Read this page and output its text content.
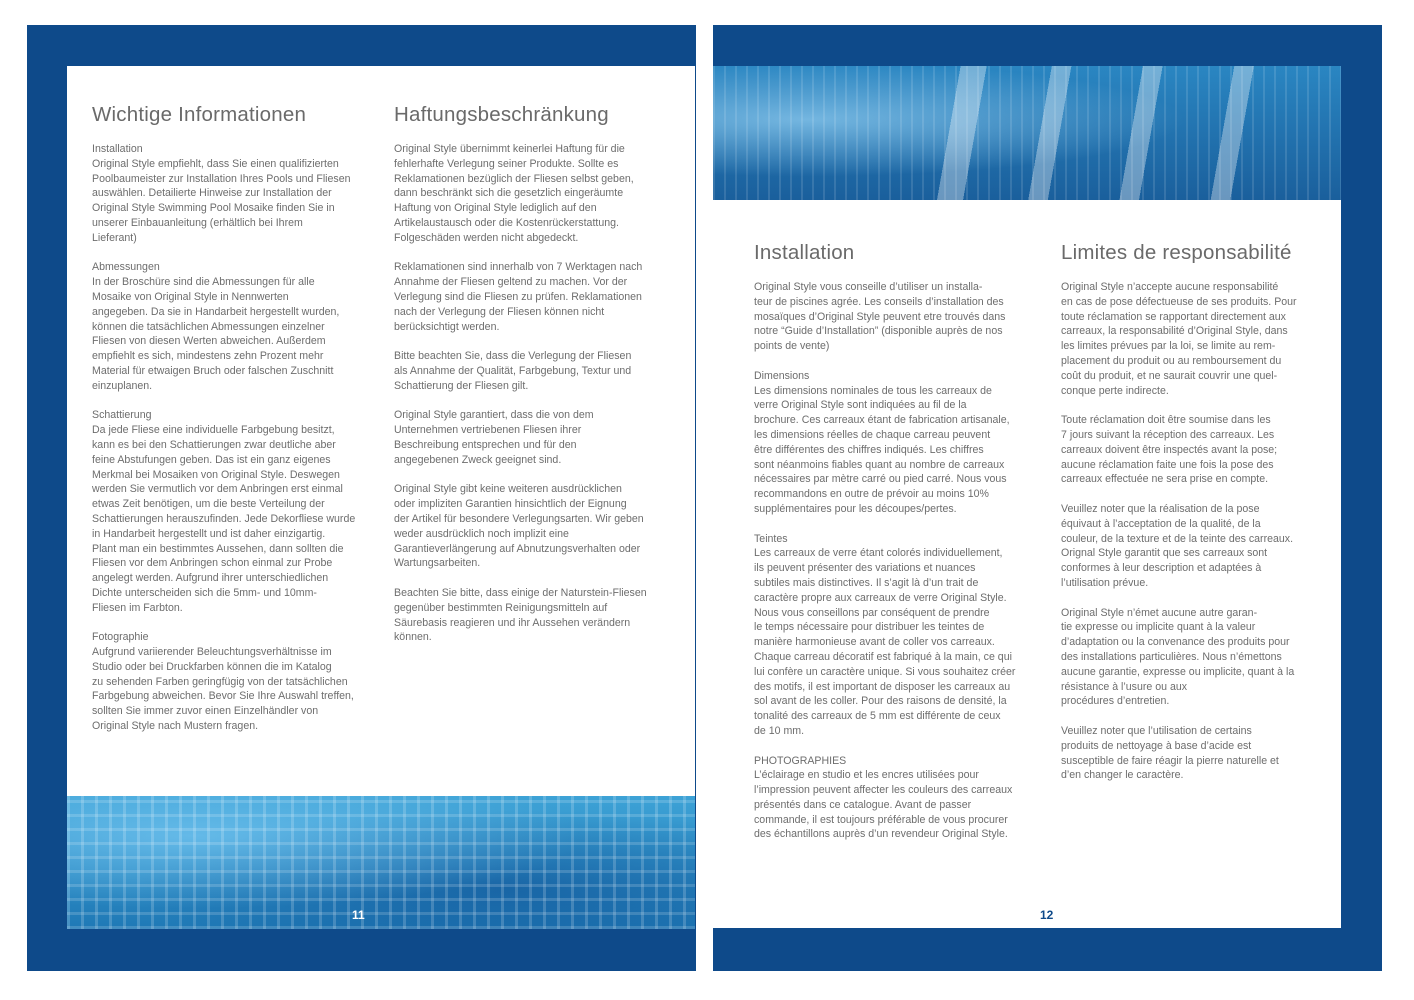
Wichtige Informationen

Installation
Original Style empfiehlt, dass Sie einen qualifizierten
Poolbaumeister zur Installation Ihres Pools und Fliesen
auswählen. Detailierte Hinweise zur Installation der
Original Style Swimming Pool Mosaike finden Sie in
unserer Einbauanleitung (erhältlich bei Ihrem
Lieferant)

Abmessungen
In der Broschüre sind die Abmessungen für alle
Mosaike von Original Style in Nennwerten
angegeben. Da sie in Handarbeit hergestellt wurden,
können die tatsächlichen Abmessungen einzelner
Fliesen von diesen Werten abweichen. Außerdem
empfiehlt es sich, mindestens zehn Prozent mehr
Material für etwaigen Bruch oder falschen Zuschnitt
einzuplanen.

Schattierung
Da jede Fliese eine individuelle Farbgebung besitzt,
kann es bei den Schattierungen zwar deutliche aber
feine Abstufungen geben. Das ist ein ganz eigenes
Merkmal bei Mosaiken von Original Style. Deswegen
werden Sie vermutlich vor dem Anbringen erst einmal
etwas Zeit benötigen, um die beste Verteilung der
Schattierungen herauszufinden. Jede Dekorfliese wurde
in Handarbeit hergestellt und ist daher einzigartig.
Plant man ein bestimmtes Aussehen, dann sollten die
Fliesen vor dem Anbringen schon einmal zur Probe
angelegt werden. Aufgrund ihrer unterschiedlichen
Dichte unterscheiden sich die 5mm- und 10mm-
Fliesen im Farbton.

Fotographie
Aufgrund variierender Beleuchtungsverhältnisse im
Studio oder bei Druckfarben können die im Katalog
zu sehenden Farben geringfügig von der tatsächlichen
Farbgebung abweichen. Bevor Sie Ihre Auswahl treffen,
sollten Sie immer zuvor einen Einzelhändler von
Original Style nach Mustern fragen.

Haftungsbeschränkung

Original Style übernimmt keinerlei Haftung für die
fehlerhafte Verlegung seiner Produkte. Sollte es
Reklamationen bezüglich der Fliesen selbst geben,
dann beschränkt sich die gesetzlich eingeräumte
Haftung von Original Style lediglich auf den
Artikelaustausch oder die Kostenrückerstattung.
Folgeschäden werden nicht abgedeckt.

Reklamationen sind innerhalb von 7 Werktagen nach
Annahme der Fliesen geltend zu machen. Vor der
Verlegung sind die Fliesen zu prüfen. Reklamationen
nach der Verlegung der Fliesen können nicht
berücksichtigt werden.

Bitte beachten Sie, dass die Verlegung der Fliesen
als Annahme der Qualität, Farbgebung, Textur und
Schattierung der Fliesen gilt.

Original Style garantiert, dass die von dem
Unternehmen vertriebenen Fliesen ihrer
Beschreibung entsprechen und für den
angegebenen Zweck geeignet sind.

Original Style gibt keine weiteren ausdrücklichen
oder impliziten Garantien hinsichtlich der Eignung
der Artikel für besondere Verlegungsarten. Wir geben
weder ausdrücklich noch implizit eine
Garantieverlängerung auf Abnutzungsverhalten oder
Wartungsarbeiten.

Beachten Sie bitte, dass einige der Naturstein-Fliesen
gegenüber bestimmten Reinigungsmitteln auf
Säurebasis reagieren und ihr Aussehen verändern
können.

Installation

Original Style vous conseille d’utiliser un installa-
teur de piscines agrée. Les conseils d’installation des
mosaïques d’Original Style peuvent etre trouvés dans
notre “Guide d’Installation” (disponible auprès de nos
points de vente)

Dimensions
Les dimensions nominales de tous les carreaux de
verre Original Style sont indiquées au fil de la
brochure. Ces carreaux étant de fabrication artisanale,
les dimensions réelles de chaque carreau peuvent
être différentes des chiffres indiqués. Les chiffres
sont néanmoins fiables quant au nombre de carreaux
nécessaires par mètre carré ou pied carré. Nous vous
recommandons en outre de prévoir au moins 10%
supplémentaires pour les découpes/pertes.

Teintes
Les carreaux de verre étant colorés individuellement,
ils peuvent présenter des variations et nuances
subtiles mais distinctives. Il s’agit là d’un trait de
caractère propre aux carreaux de verre Original Style.
Nous vous conseillons par conséquent de prendre
le temps nécessaire pour distribuer les teintes de
manière harmonieuse avant de coller vos carreaux.
Chaque carreau décoratif est fabriqué à la main, ce qui
lui confère un caractère unique. Si vous souhaitez créer
des motifs, il est important de disposer les carreaux au
sol avant de les coller. Pour des raisons de densité, la
tonalité des carreaux de 5 mm est différente de ceux
de 10 mm.

PHOTOGRAPHIES
L’éclairage en studio et les encres utilisées pour
l’impression peuvent affecter les couleurs des carreaux
présentés dans ce catalogue. Avant de passer
commande, il est toujours préférable de vous procurer
des échantillons auprès d’un revendeur Original Style.

Limites de responsabilité

Original Style n’accepte aucune responsabilité
en cas de pose défectueuse de ses produits. Pour
toute réclamation se rapportant directement aux
carreaux, la responsabilité d’Original Style, dans
les limites prévues par la loi, se limite au rem-
placement du produit ou au remboursement du
coût du produit, et ne saurait couvrir une quel-
conque perte indirecte.

Toute réclamation doit être soumise dans les
7 jours suivant la réception des carreaux. Les
carreaux doivent être inspectés avant la pose;
aucune réclamation faite une fois la pose des
carreaux effectuée ne sera prise en compte.

Veuillez noter que la réalisation de la pose
équivaut à l’acceptation de la qualité, de la
couleur, de la texture et de la teinte des carreaux.
Orignal Style garantit que ses carreaux sont
conformes à leur description et adaptées à
l’utilisation prévue.

Original Style n’émet aucune autre garan-
tie expresse ou implicite quant à la valeur
d’adaptation ou la convenance des produits pour
des installations particulières. Nous n’émettons
aucune garantie, expresse ou implicite, quant à la
résistance à l’usure ou aux
procédures d’entretien.

Veuillez noter que l’utilisation de certains
produits de nettoyage à base d’acide est
susceptible de faire réagir la pierre naturelle et
d’en changer le caractère.

11	12
